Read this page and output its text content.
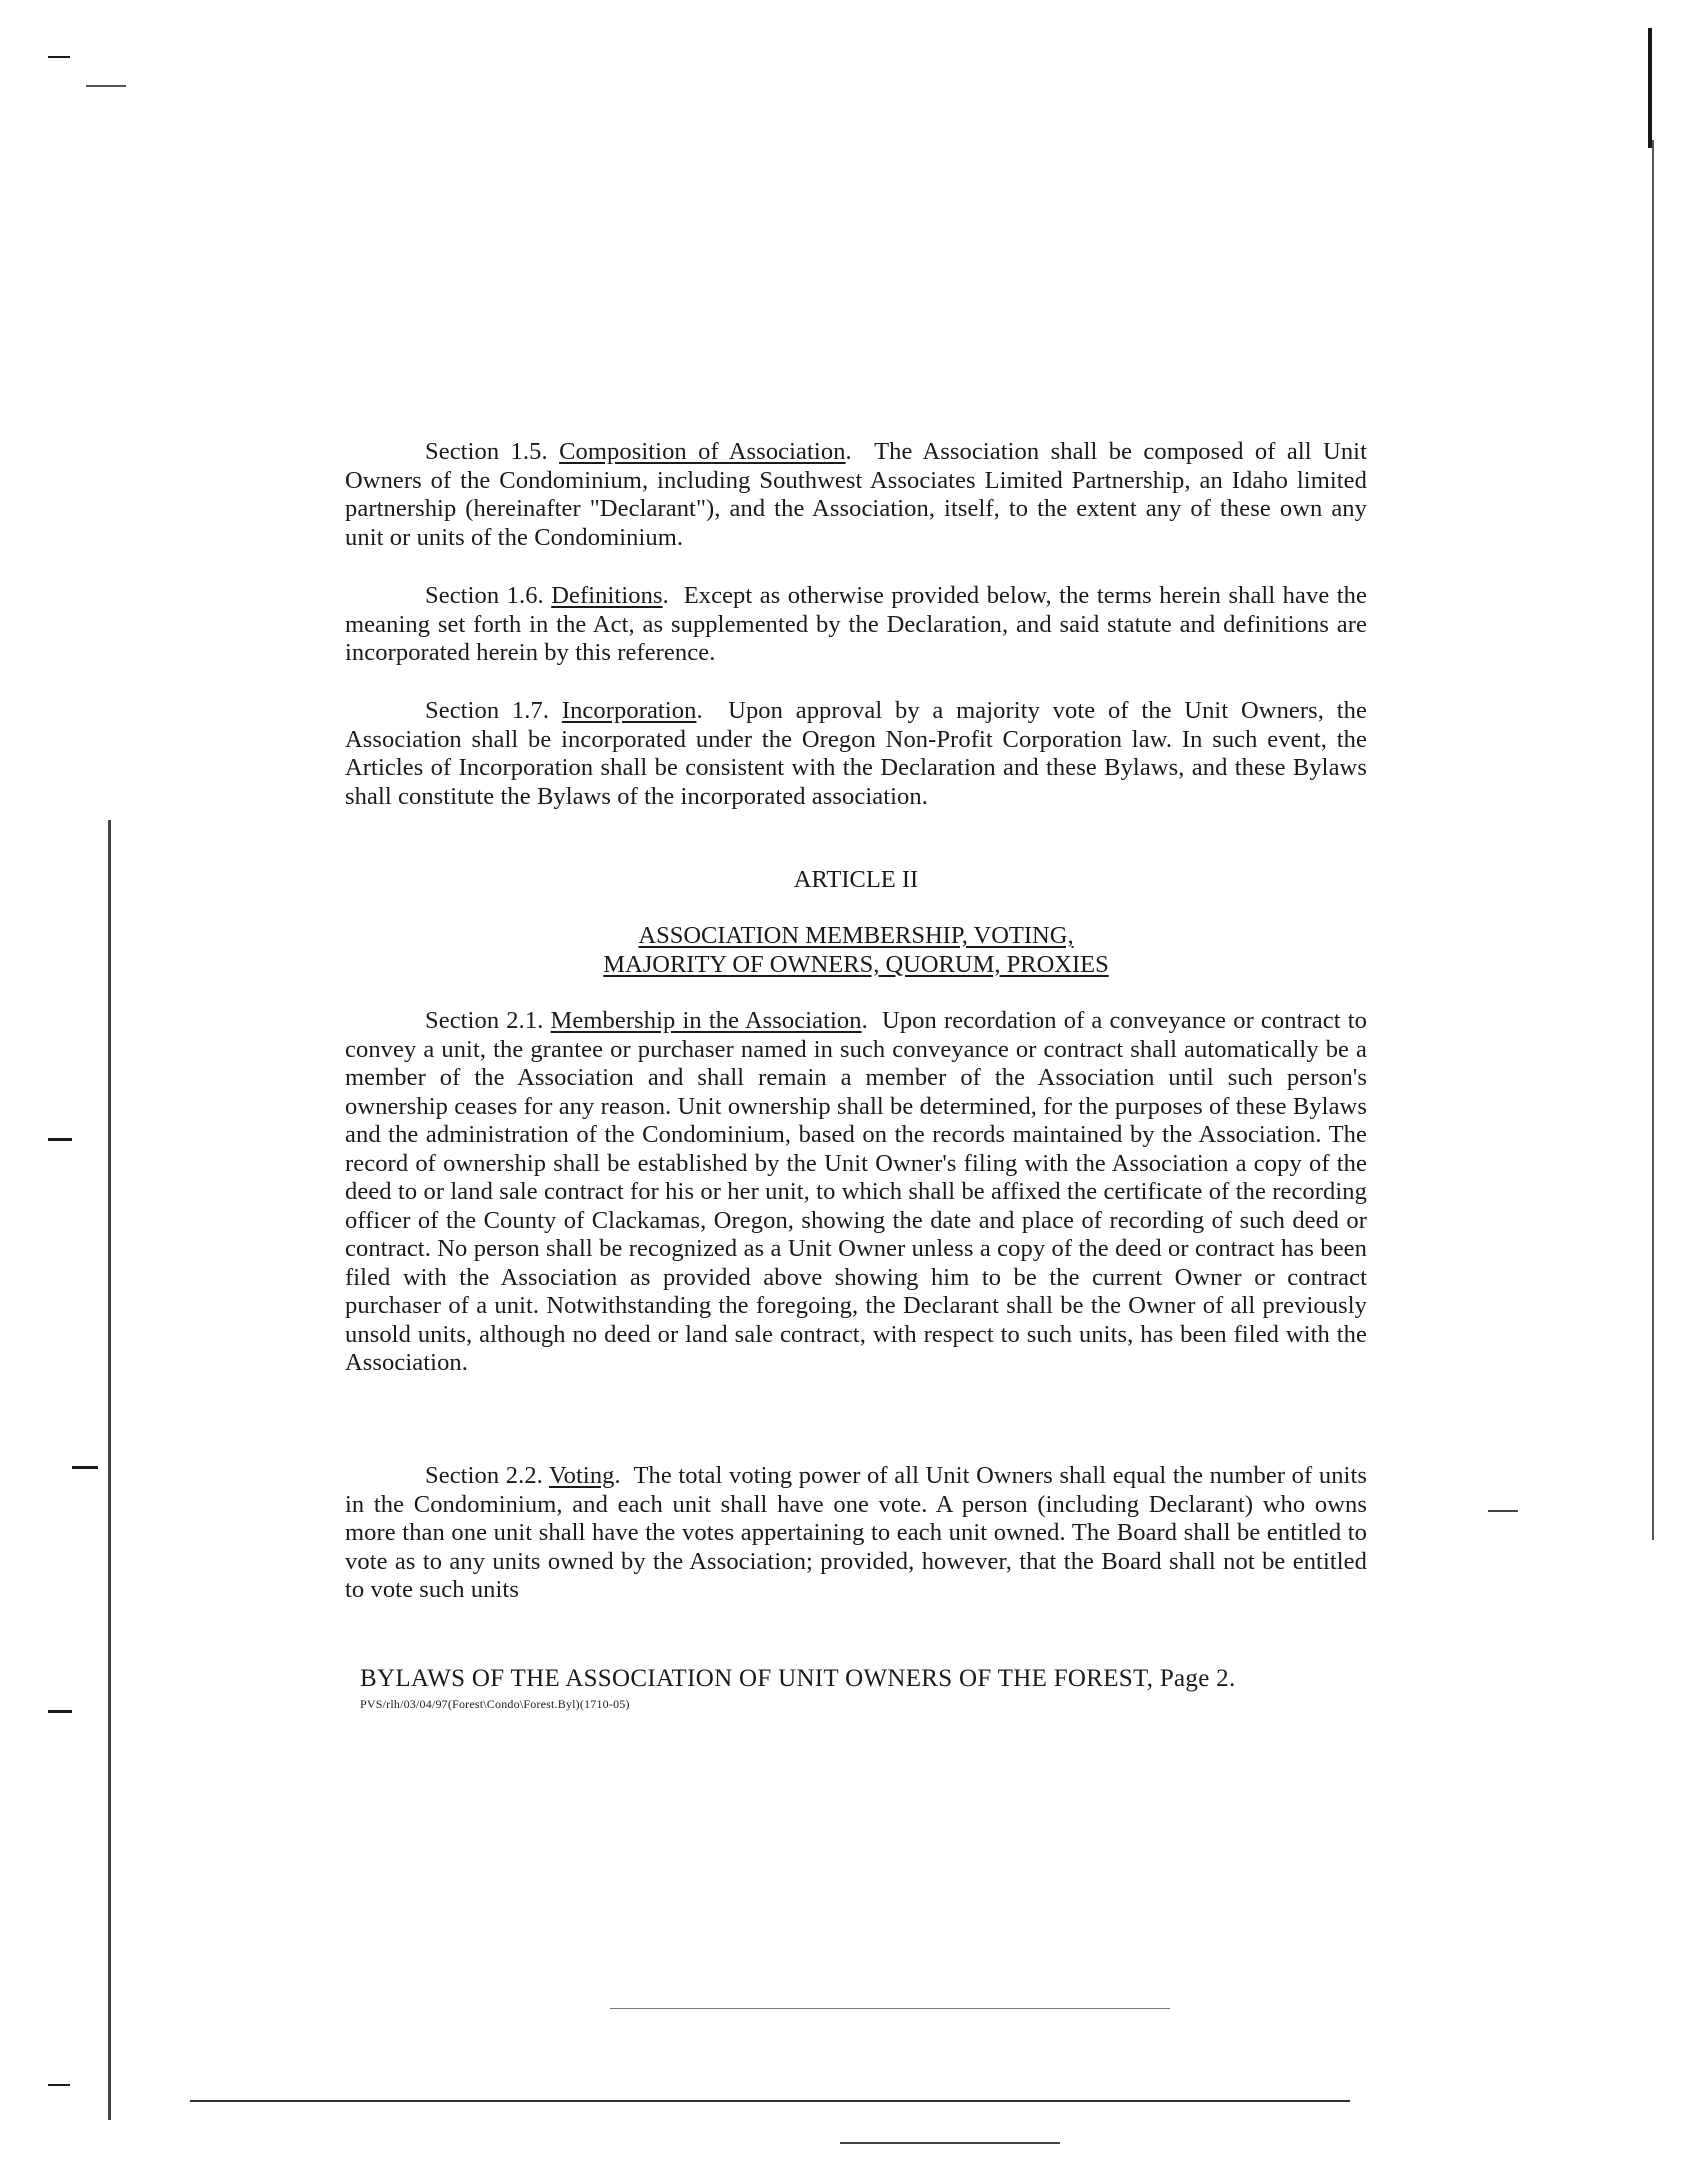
Section 1.5. Composition of Association.  The Association shall be composed of all Unit Owners of the Condominium, including Southwest Associates Limited Partnership, an Idaho limited partnership (hereinafter "Declarant"), and the Association, itself, to the extent any of these own any unit or units of the Condominium.

Section 1.6. Definitions.  Except as otherwise provided below, the terms herein shall have the meaning set forth in the Act, as supplemented by the Declaration, and said statute and definitions are incorporated herein by this reference.

Section 1.7. Incorporation.  Upon approval by a majority vote of the Unit Owners, the Association shall be incorporated under the Oregon Non-Profit Corporation law. In such event, the Articles of Incorporation shall be consistent with the Declaration and these Bylaws, and these Bylaws shall constitute the Bylaws of the incorporated association.

ARTICLE II
ASSOCIATION MEMBERSHIP, VOTING,
MAJORITY OF OWNERS, QUORUM, PROXIES

Section 2.1. Membership in the Association.  Upon recordation of a conveyance or contract to convey a unit, the grantee or purchaser named in such conveyance or contract shall automatically be a member of the Association and shall remain a member of the Association until such person's ownership ceases for any reason. Unit ownership shall be determined, for the purposes of these Bylaws and the administration of the Condominium, based on the records maintained by the Association. The record of ownership shall be established by the Unit Owner's filing with the Association a copy of the deed to or land sale contract for his or her unit, to which shall be affixed the certificate of the recording officer of the County of Clackamas, Oregon, showing the date and place of recording of such deed or contract. No person shall be recognized as a Unit Owner unless a copy of the deed or contract has been filed with the Association as provided above showing him to be the current Owner or contract purchaser of a unit. Notwithstanding the foregoing, the Declarant shall be the Owner of all previously unsold units, although no deed or land sale contract, with respect to such units, has been filed with the Association.

Section 2.2. Voting.  The total voting power of all Unit Owners shall equal the number of units in the Condominium, and each unit shall have one vote. A person (including Declarant) who owns more than one unit shall have the votes appertaining to each unit owned. The Board shall be entitled to vote as to any units owned by the Association; provided, however, that the Board shall not be entitled to vote such units

BYLAWS OF THE ASSOCIATION OF UNIT OWNERS OF THE FOREST, Page 2.
PVS/rlh/03/04/97(Forest\Condo\Forest.Byl)(1710-05)
